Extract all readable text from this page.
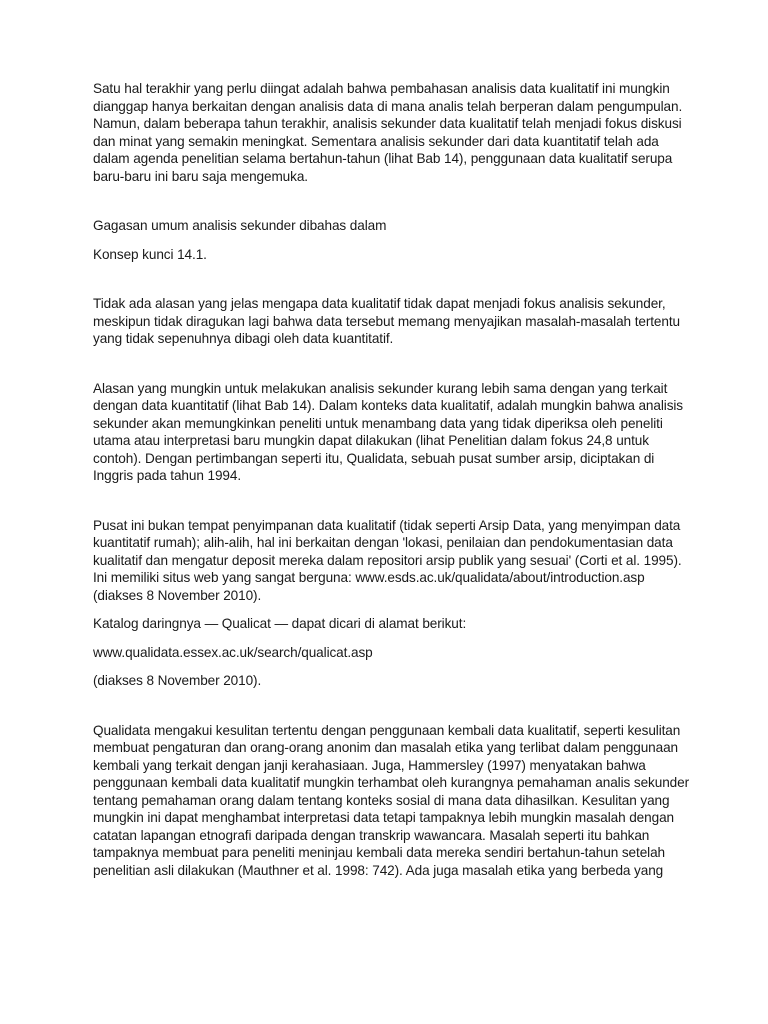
Satu hal terakhir yang perlu diingat adalah bahwa pembahasan analisis data kualitatif ini mungkin
dianggap hanya berkaitan dengan analisis data di mana analis telah berperan dalam pengumpulan.
Namun, dalam beberapa tahun terakhir, analisis sekunder data kualitatif telah menjadi fokus diskusi
dan minat yang semakin meningkat. Sementara analisis sekunder dari data kuantitatif telah ada
dalam agenda penelitian selama bertahun-tahun (lihat Bab 14), penggunaan data kualitatif serupa
baru-baru ini baru saja mengemuka.
Gagasan umum analisis sekunder dibahas dalam
Konsep kunci 14.1.
Tidak ada alasan yang jelas mengapa data kualitatif tidak dapat menjadi fokus analisis sekunder,
meskipun tidak diragukan lagi bahwa data tersebut memang menyajikan masalah-masalah tertentu
yang tidak sepenuhnya dibagi oleh data kuantitatif.
Alasan yang mungkin untuk melakukan analisis sekunder kurang lebih sama dengan yang terkait
dengan data kuantitatif (lihat Bab 14). Dalam konteks data kualitatif, adalah mungkin bahwa analisis
sekunder akan memungkinkan peneliti untuk menambang data yang tidak diperiksa oleh peneliti
utama atau interpretasi baru mungkin dapat dilakukan (lihat Penelitian dalam fokus 24,8 untuk
contoh). Dengan pertimbangan seperti itu, Qualidata, sebuah pusat sumber arsip, diciptakan di
Inggris pada tahun 1994.
Pusat ini bukan tempat penyimpanan data kualitatif (tidak seperti Arsip Data, yang menyimpan data
kuantitatif rumah); alih-alih, hal ini berkaitan dengan 'lokasi, penilaian dan pendokumentasian data
kualitatif dan mengatur deposit mereka dalam repositori arsip publik yang sesuai' (Corti et al. 1995).
Ini memiliki situs web yang sangat berguna: www.esds.ac.uk/qualidata/about/introduction.asp
(diakses 8 November 2010).
Katalog daringnya — Qualicat — dapat dicari di alamat berikut:
www.qualidata.essex.ac.uk/search/qualicat.asp
(diakses 8 November 2010).
Qualidata mengakui kesulitan tertentu dengan penggunaan kembali data kualitatif, seperti kesulitan
membuat pengaturan dan orang-orang anonim dan masalah etika yang terlibat dalam penggunaan
kembali yang terkait dengan janji kerahasiaan. Juga, Hammersley (1997) menyatakan bahwa
penggunaan kembali data kualitatif mungkin terhambat oleh kurangnya pemahaman analis sekunder
tentang pemahaman orang dalam tentang konteks sosial di mana data dihasilkan. Kesulitan yang
mungkin ini dapat menghambat interpretasi data tetapi tampaknya lebih mungkin masalah dengan
catatan lapangan etnografi daripada dengan transkrip wawancara. Masalah seperti itu bahkan
tampaknya membuat para peneliti meninjau kembali data mereka sendiri bertahun-tahun setelah
penelitian asli dilakukan (Mauthner et al. 1998: 742). Ada juga masalah etika yang berbeda yang
